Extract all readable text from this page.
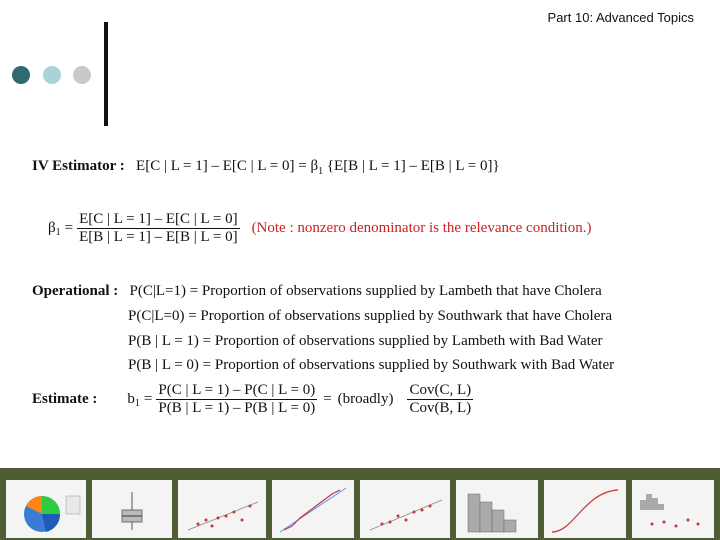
Part 10: Advanced Topics
IV Estimator : E[C | L = 1] – E[C | $L = 0] = \beta_1$ {E[B | L = 1] – E[B | L = 0]}
$\beta_1 = \frac{E[C | L = 1] - E[C | L = 0]}{E[B | L = 1] - E[B | L = 0]}$ (Note : nonzero denominator is the relevance condition.)
Operational : P(C|L=1) = Proportion of observations supplied by Lambeth that have Cholera
P(C|L=0) = Proportion of observations supplied by Southwark that have Cholera
P(B | L = 1) = Proportion of observations supplied by Lambeth with Bad Water
P(B | L = 0) = Proportion of observations supplied by Southwark with Bad Water
Estimate : $b_1 = \frac{P(C | L = 1) - P(C | L = 0)}{P(B | L = 1) - P(B | L = 0)}$ = (broadly) $\frac{\text{Cov(C, L)}}{\text{Cov(B, L)}}$
